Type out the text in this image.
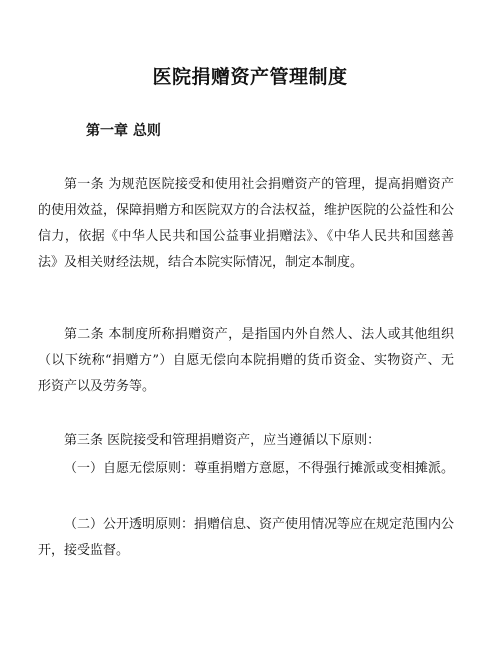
医院捐赠资产管理制度
第一章 总则

第一条 为规范医院接受和使用社会捐赠资产的管理，提高捐赠资产的使用效益，保障捐赠方和医院双方的合法权益，维护医院的公益性和公信力，依据《中华人民共和国公益事业捐赠法》、《中华人民共和国慈善法》及相关财经法规，结合本院实际情况，制定本制度。

第二条 本制度所称捐赠资产，是指国内外自然人、法人或其他组织（以下统称“捐赠方”）自愿无偿向本院捐赠的货币资金、实物资产、无形资产以及劳务等。

第三条 医院接受和管理捐赠资产，应当遵循以下原则：

（一）自愿无偿原则：尊重捐赠方意愿，不得强行摊派或变相摊派。

（二）公开透明原则：捐赠信息、资产使用情况等应在规定范围内公开，接受监督。
